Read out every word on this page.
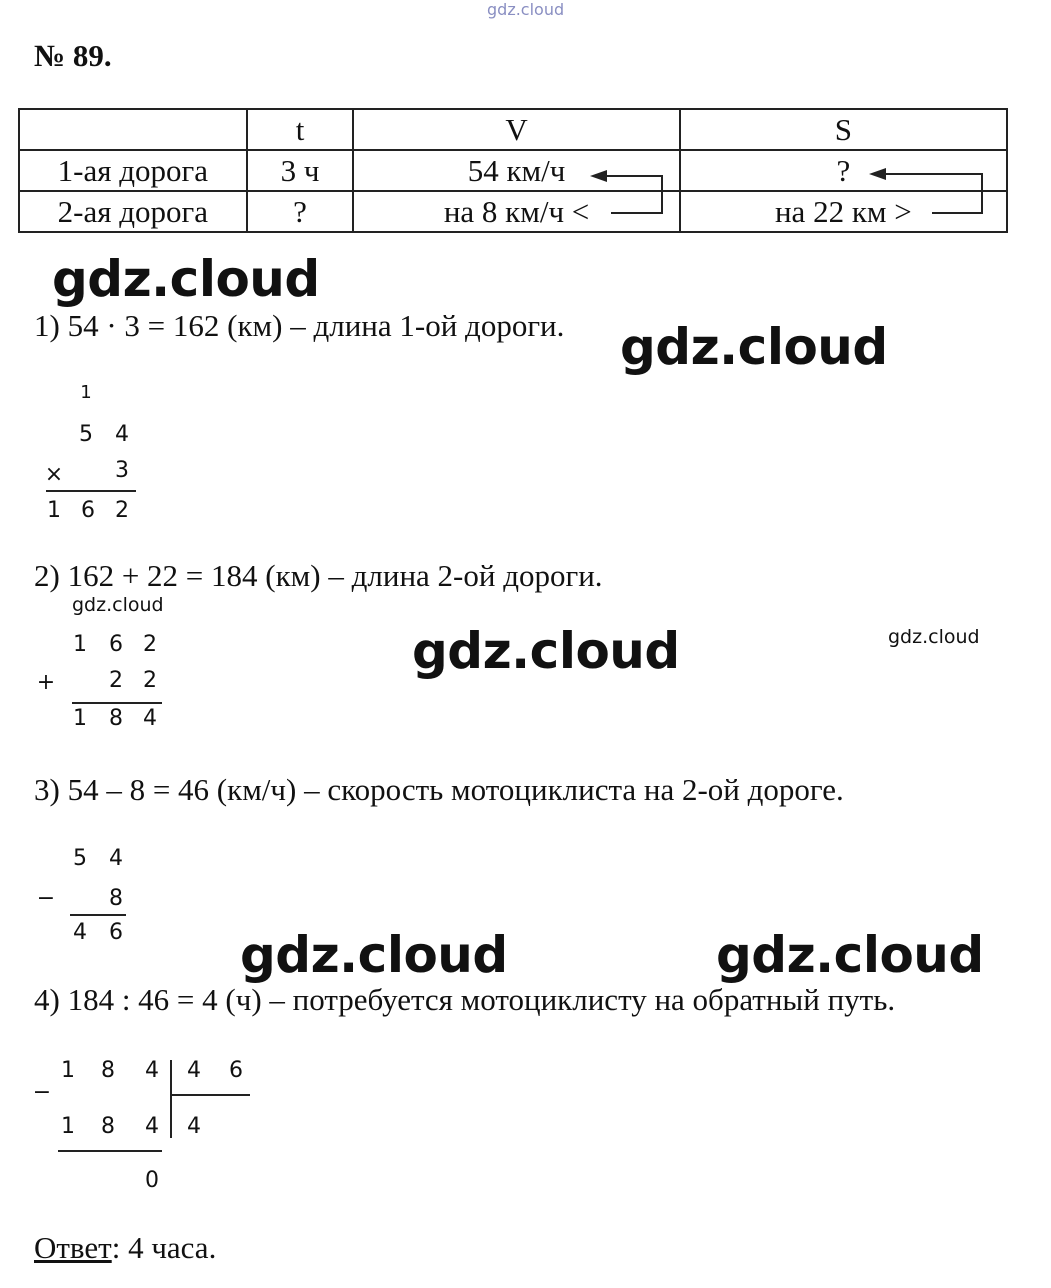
gdz.cloud
№ 89.
	t	V	S
1-ая дорога	3 ч	54 км/ч	?
2-ая дорога	?	на 8 км/ч <	на 22 км >
gdz.cloud
gdz.cloud
gdz.cloud
gdz.cloud	gdz.cloud
gdz.cloud
gdz.cloud
1) 54 · 3 = 162 (км) – длина 1-ой дороги.
1
5 4
× 3
1 6 2
2) 162 + 22 = 184 (км) – длина 2-ой дороги.
1 6 2
+ 2 2
1 8 4
3) 54 – 8 = 46 (км/ч) – скорость мотоциклиста на 2-ой дороге.
5 4
− 8
4 6
4) 184 : 46 = 4 (ч) – потребуется мотоциклисту на обратный путь.
1 8 4 4 6
−
1 8 4 4
0
Ответ: 4 часа.
